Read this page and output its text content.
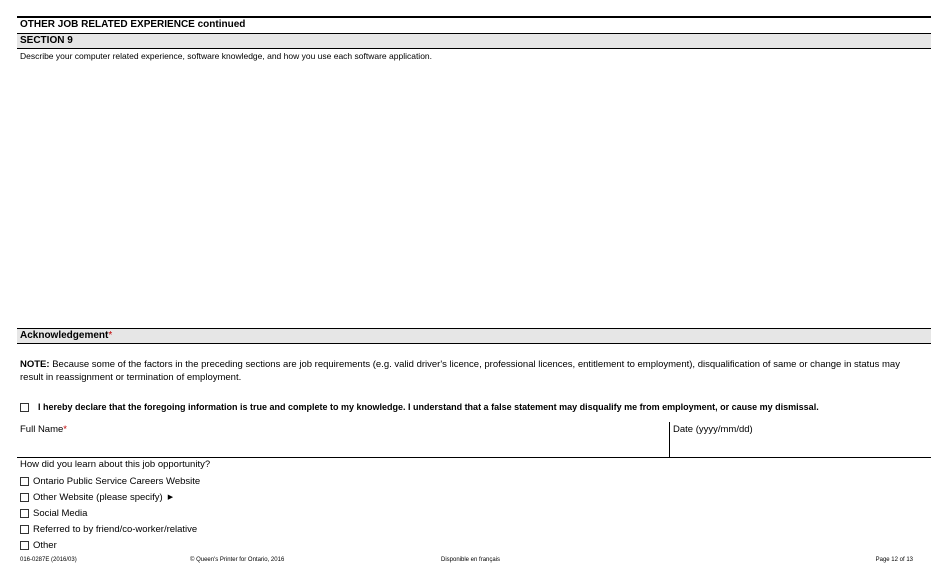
OTHER JOB RELATED EXPERIENCE continued
SECTION 9
Describe your computer related experience, software knowledge, and how you use each software application.
Acknowledgement*
NOTE: Because some of the factors in the preceding sections are job requirements (e.g. valid driver's licence, professional licences, entitlement to employment), disqualification of same or change in status may result in reassignment or termination of employment.
I hereby declare that the foregoing information is true and complete to my knowledge. I understand that a false statement may disqualify me from employment, or cause my dismissal.
Full Name*	Date (yyyy/mm/dd)
How did you learn about this job opportunity?
Ontario Public Service Careers Website
Other Website (please specify) ▶
Social Media
Referred to by friend/co-worker/relative
Other
016-0287E (2016/03)	© Queen's Printer for Ontario, 2016	Disponible en français	Page 12 of 13
